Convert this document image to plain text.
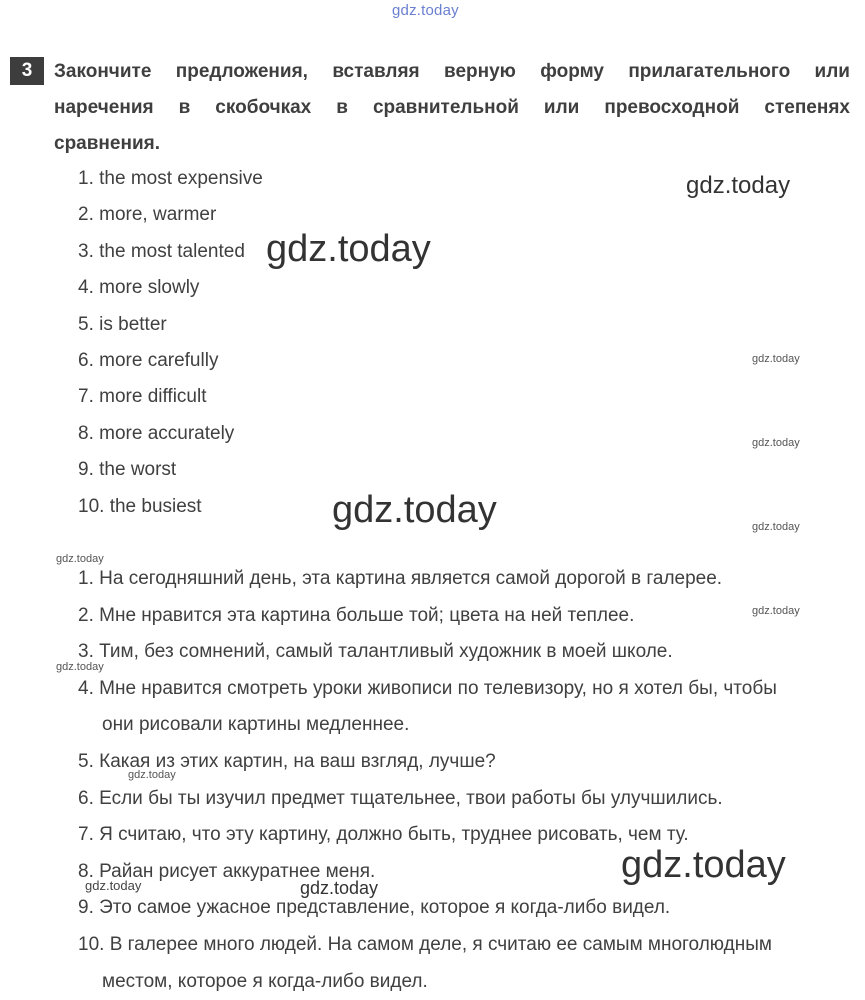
gdz.today
3	Закончите предложения, вставляя верную форму прилагательного или
наречения в скобочках в сравнительной или превосходной степенях
сравнения.
1. the most expensive
2. more, warmer
3. the most talented
4. more slowly
5. is better
6. more carefully
7. more difficult
8. more accurately
9. the worst
10. the busiest
1. На сегодняшний день, эта картина является самой дорогой в галерее.
2. Мне нравится эта картина больше той; цвета на ней теплее.
3. Тим, без сомнений, самый талантливый художник в моей школе.
4. Мне нравится смотреть уроки живописи по телевизору, но я хотел бы, чтобы
они рисовали картины медленнее.
5. Какая из этих картин, на ваш взгляд, лучше?
6. Если бы ты изучил предмет тщательнее, твои работы бы улучшились.
7. Я считаю, что эту картину, должно быть, труднее рисовать, чем ту.
8. Райан рисует аккуратнее меня.
9. Это самое ужасное представление, которое я когда-либо видел.
10. В галерее много людей. На самом деле, я считаю ее самым многолюдным
местом, которое я когда-либо видел.
gdz.today
gdz.today
gdz.today
gdz.today
gdz.today	gdz.today
gdz.today
gdz.today
gdz.today
gdz.today
gdz.today
gdz.today	gdz.today
